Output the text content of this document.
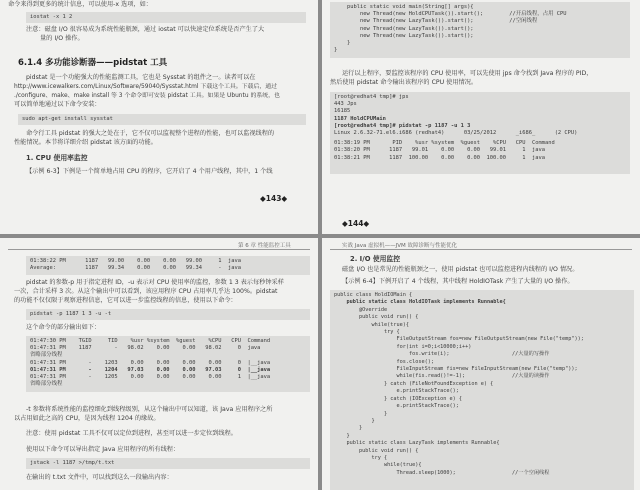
命令来得到更多的统计信息，可以使用-x 选项，如：
iostat -x 1 2
注意：磁盘 I/O 很容易成为系统性能瓶颈，通过 iostat 可以快速定位系统是否产生了大
量的 I/O 操作。
6.1.4 多功能诊断器——pidstat 工具
pidstat 是一个功能强大的性能监测工具，它也是 Sysstat 的组件之一。读者可以在
http://www.icewalkers.com/Linux/Software/59040/Sysstat.html 下载这个工具。下载后，通过
./configure、make、make install 等 3 个命令即可安装 pidstat 工具。如果是 Ubuntu 的系统，也
可以简单地通过以下命令安装：
sudo apt-get install sysstat
命令行工具 pidstat 的强大之处在于，它不仅可以监视整个进程的性能，也可以监视线程的
性能情况。本节将详细介绍 pidstat 该方面的功能。
1. CPU 使用率监控
【示例 6-3】下例是一个简单地占用 CPU 的程序，它开启了 4 个用户线程，其中，1 个线
◆143◆
public static void main(String[] args){
new Thread(new HoldCPUTask()).start();        //开启线程，占用 CPU
new Thread(new LazyTask()).start();           //空闲线程
new Thread(new LazyTask()).start();
new Thread(new LazyTask()).start();
}
}
运行以上程序，要监控该程序的 CPU 使用率，可以先使用 jps 命令找到 Java 程序的 PID，
然后使用 pidstat 命令输出该程序的 CPU 使用情况。
[root@redhat4 tmp]# jps
443 Jps
16185
1187 HoldCPUMain
[root@redhat4 tmp]# pidstat -p 1187 -u 1 3
Linux 2.6.32-71.el6.i686 (redhat4)      03/25/2012      _i686_      (2 CPU)
01:38:19 PM       PID    %usr %system  %guest    %CPU   CPU  Command
01:38:20 PM      1187   99.01    0.00    0.00   99.01     1  java
01:38:21 PM      1187  100.00    0.00    0.00  100.00     1  java
◆144◆
第 6 章 性能监控工具
01:38:22 PM      1187   99.00    0.00    0.00   99.00     1  java
Average:         1187   99.34    0.00    0.00   99.34     -  java
pidstat 的参数-p 用于指定进程 ID，-u 表示对 CPU 使用率的监控，参数 1 3 表示每秒钟采样
一次，合计采样 3 次。从这个输出中可以看到，该应用程序 CPU 占用率几乎达 100%。pidstat
的功能不仅仅限于观察进程信息，它可以进一步监控线程的信息，使用以下命令：
pidstat -p 1187 1 3 -u -t
这个命令的部分输出如下：
01:47:30 PM    TGID     TID    %usr %system  %guest    %CPU   CPU  Command
01:47:31 PM    1187       -   98.02    0.00    0.00   98.02     0  java
省略部分线程
01:47:31 PM       -    1203    0.00    0.00    0.00    0.00     0  |__java
01:47:31 PM       -    1204   97.03    0.00    0.00   97.03     0  |__java
01:47:31 PM       -    1205    0.00    0.00    0.00    0.00     1  |__java
省略部分线程
-t 参数将系统性能的监控细化到线程级别，从这个输出中可以知道，该 Java 应用程序之所
以占用如此之高的 CPU，是因为线程 1204 的缘故。
注意：使用 pidstat 工具不仅可以定位到进程，甚至可以进一步定位到线程。
使用以下命令可以导出指定 Java 应用程序的所有线程：
jstack -l 1187 >/tmp/t.txt
在输出的 t.txt 文件中，可以找到这么一段输出内容：
实战 Java 虚拟机——JVM 故障诊断与性能优化
2. I/O 使用监控
磁盘 I/O 也是常见的性能瓶颈之一，使用 pidstat 也可以监控进程内线程的 I/O 情况。
【示例 6-4】下例开启了 4 个线程，其中线程 HoldIOTask 产生了大量的 I/O 操作。
public class HoldIOMain {
public static class HoldIOTask implements Runnable{
@Override
public void run() {
while(true){
try {
FileOutputStream fos=new FileOutputStream(new File("temp"));
for(int i=0;i<10000;i++)
fos.write(i);                    //大量的写操作
fos.close();
FileInputStream fis=new FileInputStream(new File("temp"));
while(fis.read()!=-1);               //大量的读操作
} catch (FileNotFoundException e) {
e.printStackTrace();
} catch (IOException e) {
e.printStackTrace();
}
}
}
}
public static class LazyTask implements Runnable{
public void run() {
try {
while(true){
Thread.sleep(1000);                  //一个空闲线程
